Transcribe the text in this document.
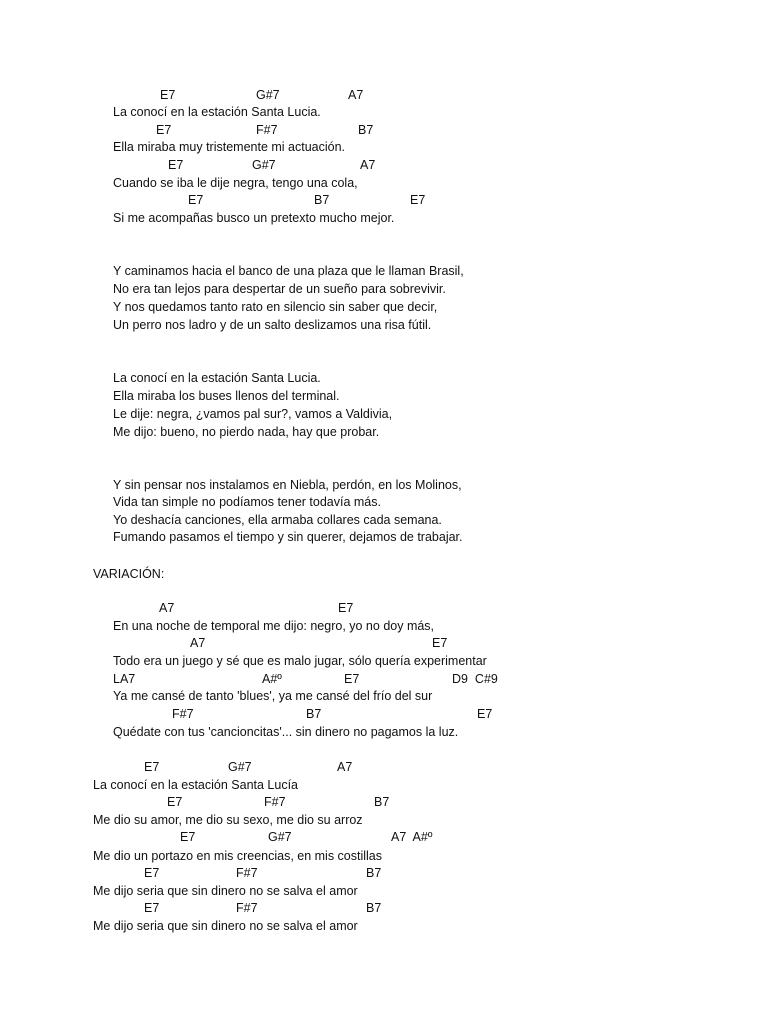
E7	G#7	A7
La conocí en la estación Santa Lucia.
E7	F#7	B7
Ella miraba muy tristemente mi actuación.
E7	G#7	A7
Cuando se iba le dije negra, tengo una cola,
E7	B7	E7
Si me acompañas busco un pretexto mucho mejor.
Y caminamos hacia el banco de una plaza que le llaman Brasil,
No era tan lejos para despertar de un sueño para sobrevivir.
Y nos quedamos tanto rato en silencio sin saber que decir,
Un perro nos ladro y de un salto deslizamos una risa fútil.
La conocí en la estación Santa Lucia.
Ella miraba los buses llenos del terminal.
Le dije: negra, ¿vamos pal sur?, vamos a Valdivia,
Me dijo: bueno, no pierdo nada, hay que probar.
Y sin pensar nos instalamos en Niebla, perdón, en los Molinos,
Vida tan simple no podíamos tener todavía más.
Yo deshacía canciones, ella armaba collares cada semana.
Fumando pasamos el tiempo y sin querer, dejamos de trabajar.
VARIACIÓN:
A7	E7
En una noche de temporal me dijo: negro, yo no doy más,
A7	E7
Todo era un juego y sé que es malo jugar, sólo quería experimentar
LA7	A#º	E7	D9  C#9
Ya me cansé de tanto 'blues', ya me cansé del frío del sur
F#7	B7	E7
Quédate con tus 'cancioncitas'... sin dinero no pagamos la luz.
E7	G#7	A7
La conocí en la estación Santa Lucía
E7	F#7	B7
Me dio su amor, me dio su sexo, me dio su arroz
E7	G#7	A7  A#º
Me dio un portazo en mis creencias, en mis costillas
E7	F#7	B7
Me dijo seria que sin dinero no se salva el amor
E7	F#7	B7
Me dijo seria que sin dinero no se salva el amor
